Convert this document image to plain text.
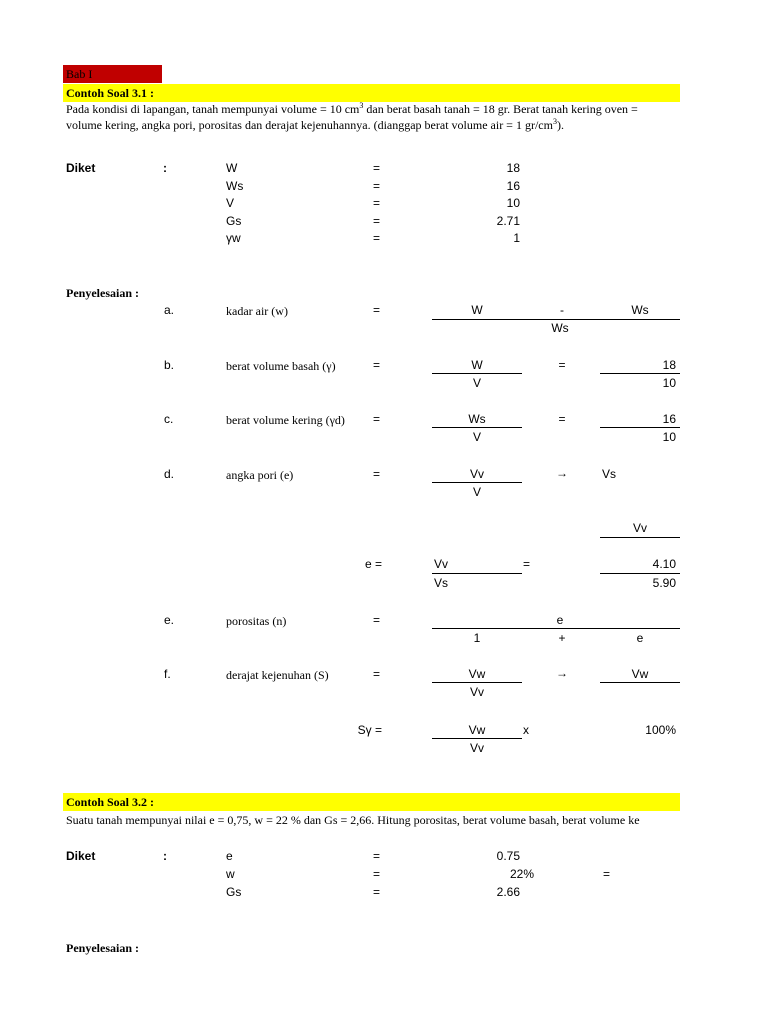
Bab I
Contoh Soal 3.1 :
Pada kondisi di lapangan, tanah mempunyai volume = 10 $cm^3$ dan berat basah tanah = 18 gr. Berat tanah kering oven =
volume kering, angka pori, porositas dan derajat kejenuhannya. (dianggap berat volume air = 1 $gr/cm^3$).
Diket	:	W	=	18
Ws	=	16
V	=	10
Gs	=	2.71
γw	=	1
Penyelesaian :
a.	kadar air (w)	=	W	-	Ws
Ws
b.	berat volume basah (γ)	=	W
V
=	18
10
c.	berat volume kering (γd) =	Ws
V
=	16
10
d.	angka pori (e)	=	Vv
V
→	Vs
Vv
e =	Vv
Vs
=	4.10
5.90
e.	porositas (n)	=	e
1	+	e
f.	derajat kejenuhan (S)	=	Vw
Vv
→	Vw
Sγ =	Vw
Vv
x	100%
Contoh Soal 3.2 :
Suatu tanah mempunyai nilai e = 0,75, w = 22 % dan Gs = 2,66. Hitung porositas, berat volume basah, berat volume ke
Diket	:	e	=	0.75
w	=	22%	=
Gs	=	2.66
Penyelesaian :
